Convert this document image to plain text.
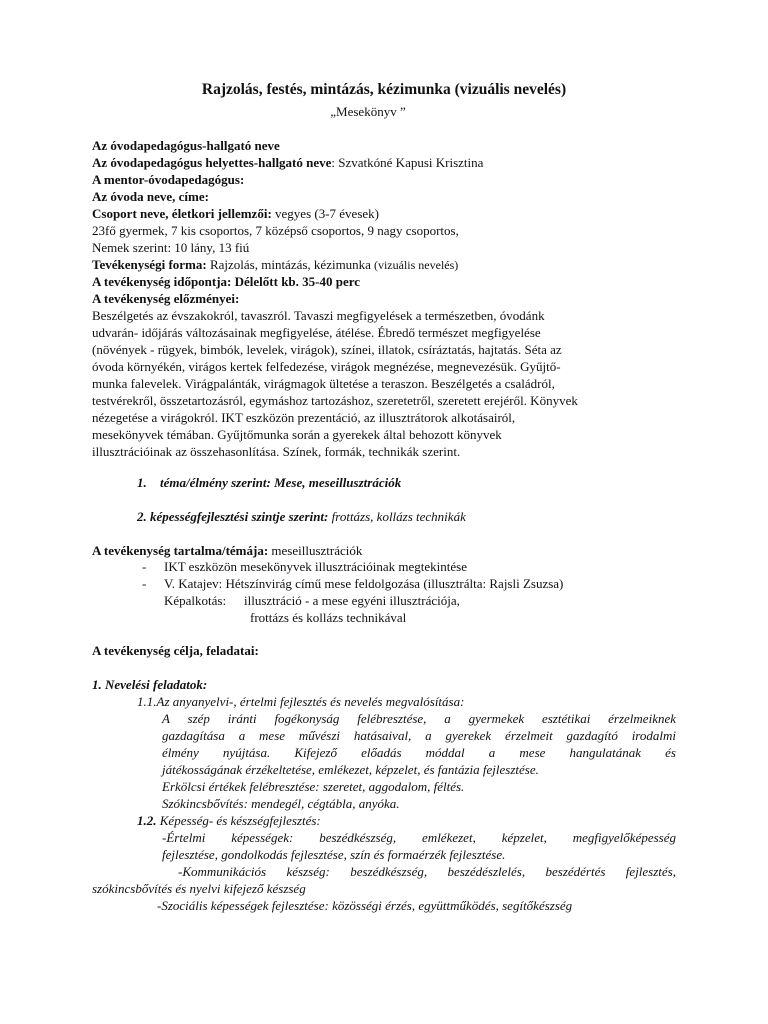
Rajzolás, festés, mintázás, kézimunka (vizuális nevelés)
„Mesekönyv ”
Az óvodapedagógus-hallgató neve
Az óvodapedagógus helyettes-hallgató neve: Szvatkóné Kapusi Krisztina
A mentor-óvodapedagógus:
Az óvoda neve, címe:
Csoport neve, életkori jellemzői: vegyes (3-7 évesek)
23fő gyermek, 7 kis csoportos, 7 középső csoportos, 9 nagy csoportos,
Nemek szerint: 10 lány, 13 fiú
Tevékenységi forma: Rajzolás, mintázás, kézimunka (vizuális nevelés)
A tevékenység időpontja: Délelőtt kb. 35-40 perc
A tevékenység előzményei:
Beszélgetés az évszakokról, tavaszról. Tavaszi megfigyelések a természetben, óvodánk
udvarán- időjárás változásainak megfigyelése, átélése. Ébredő természet megfigyelése
(növények - rügyek, bimbók, levelek, virágok), színei, illatok, csíráztatás, hajtatás. Séta az
óvoda környékén, virágos kertek felfedezése, virágok megnézése, megnevezésük. Gyűjtő-
munka falevelek. Virágpalánták, virágmagok ültetése a teraszon. Beszélgetés a családról,
testvérekről, összetartozásról, egymáshoz tartozáshoz, szeretetről, szeretett erejéről. Könyvek
nézegetése a virágokról. IKT eszközön prezentáció, az illusztrátorok alkotásairól,
mesekönyvek témában. Gyűjtőmunka során a gyerekek által behozott könyvek
illusztrációinak az összehasonlítása. Színek, formák, technikák szerint.
1. téma/élmény szerint: Mese, meseillusztrációk
2. képességfejlesztési szintje szerint: frottázs, kollázs technikák
A tevékenység tartalma/témája: meseillusztrációk
- IKT eszközön mesekönyvek illusztrációinak megtekintése
- V. Katajev: Hétszínvirág című mese feldolgozása (illusztrálta: Rajsli Zsuzsa)
Képalkotás: illusztráció - a mese egyéni illusztrációja,
frottázs és kollázs technikával
A tevékenység célja, feladatai:
1. Nevelési feladatok:
1.1.Az anyanyelvi-, értelmi fejlesztés és nevelés megvalósítása:
A szép iránti fogékonyság felébresztése, a gyermekek esztétikai érzelmeiknek
gazdagítása a mese művészi hatásaival, a gyerekek érzelmeit gazdagító irodalmi
élmény nyújtása. Kifejező előadás móddal a mese hangulatának és
játékosságának érzékeltetése, emlékezet, képzelet, és fantázia fejlesztése.
Erkölcsi értékek felébresztése: szeretet, aggodalom, féltés.
Szókincsbővítés: mendegél, cégtábla, anyóka.
1.2. Képesség- és készségfejlesztés:
-Értelmi képességek: beszédkészség, emlékezet, képzelet, megfigyelőképesség
fejlesztése, gondolkodás fejlesztése, szín és formaérzék fejlesztése.
-Kommunikációs készség: beszédkészség, beszédészlelés, beszédértés fejlesztés,
szókincsbővítés és nyelvi kifejező készség
-Szociális képességek fejlesztése: közösségi érzés, együttműködés, segítőkészség
